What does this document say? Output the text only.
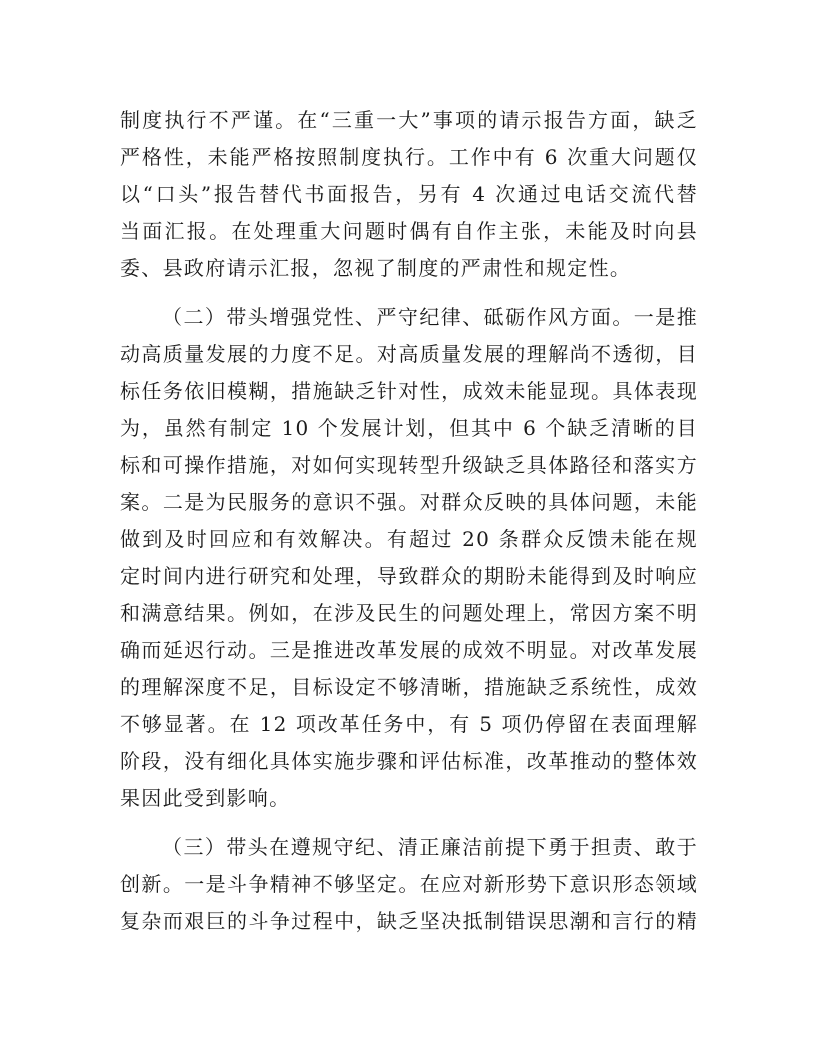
制度执行不严谨。在“三重一大”事项的请示报告方面，缺乏
严格性，未能严格按照制度执行。工作中有 6 次重大问题仅
以“口头”报告替代书面报告，另有 4 次通过电话交流代替
当面汇报。在处理重大问题时偶有自作主张，未能及时向县
委、县政府请示汇报，忽视了制度的严肃性和规定性。
（二）带头增强党性、严守纪律、砥砺作风方面。一是推
动高质量发展的力度不足。对高质量发展的理解尚不透彻，目
标任务依旧模糊，措施缺乏针对性，成效未能显现。具体表现
为，虽然有制定 10 个发展计划，但其中 6 个缺乏清晰的目
标和可操作措施，对如何实现转型升级缺乏具体路径和落实方
案。二是为民服务的意识不强。对群众反映的具体问题，未能
做到及时回应和有效解决。有超过 20 条群众反馈未能在规
定时间内进行研究和处理，导致群众的期盼未能得到及时响应
和满意结果。例如，在涉及民生的问题处理上，常因方案不明
确而延迟行动。三是推进改革发展的成效不明显。对改革发展
的理解深度不足，目标设定不够清晰，措施缺乏系统性，成效
不够显著。在 12 项改革任务中，有 5 项仍停留在表面理解
阶段，没有细化具体实施步骤和评估标准，改革推动的整体效
果因此受到影响。
（三）带头在遵规守纪、清正廉洁前提下勇于担责、敢于
创新。一是斗争精神不够坚定。在应对新形势下意识形态领域
复杂而艰巨的斗争过程中，缺乏坚决抵制错误思潮和言行的精
